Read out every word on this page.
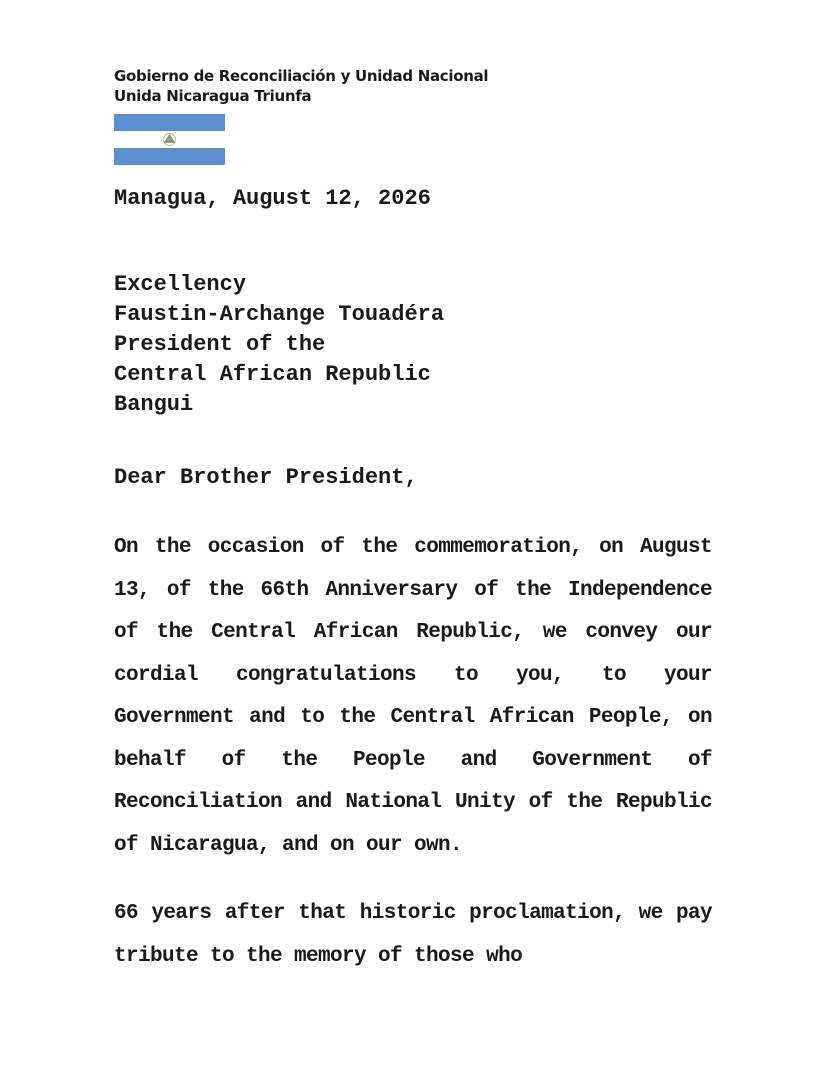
Gobierno de Reconciliación y Unidad Nacional
Unida Nicaragua Triunfa
Managua, August 12, 2026
Excellency
Faustin-Archange Touadéra
President of the
Central African Republic
Bangui
Dear Brother President,
On the occasion of the commemoration, on August 13, of the 66th Anniversary of the Independence of the Central African Republic, we convey our cordial congratulations to you, to your Government and to the Central African People, on behalf of the People and Government of Reconciliation and National Unity of the Republic of Nicaragua, and on our own.
66 years after that historic proclamation, we pay tribute to the memory of those who
